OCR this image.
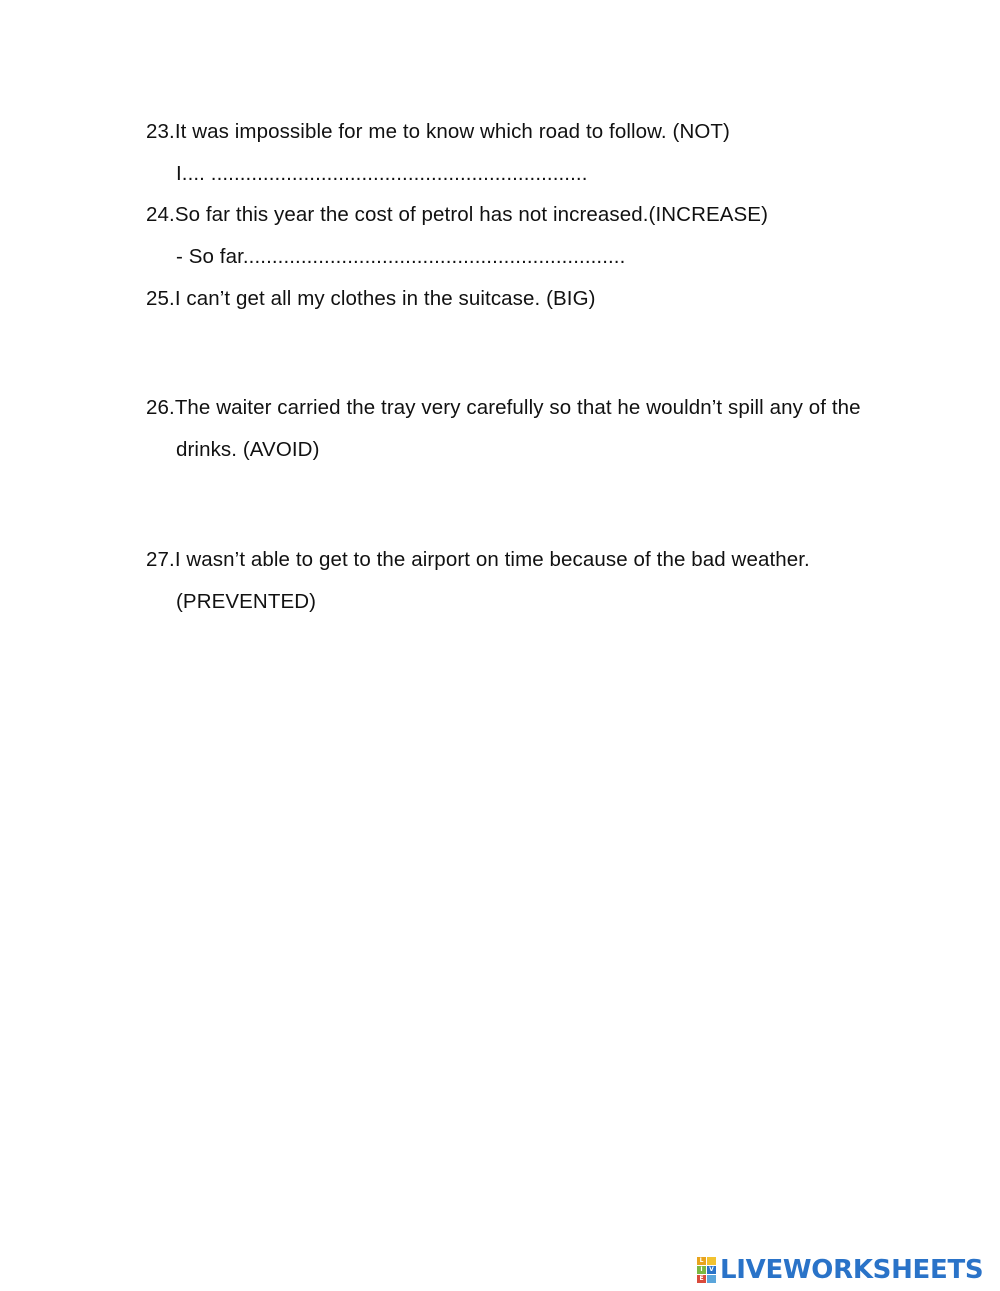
23.It was impossible for me to know which road to follow. (NOT)
I.... .................................................................
24.So far this year the cost of petrol has not increased.(INCREASE)
- So far..................................................................
25.I can’t get all my clothes in the suitcase. (BIG)
26.The waiter carried the tray very carefully so that he wouldn’t spill any of the
drinks. (AVOID)
27.I wasn’t able to get to the airport on time because of the bad weather.
(PREVENTED)
L
I	V
E LIVEWORKSHEETS
